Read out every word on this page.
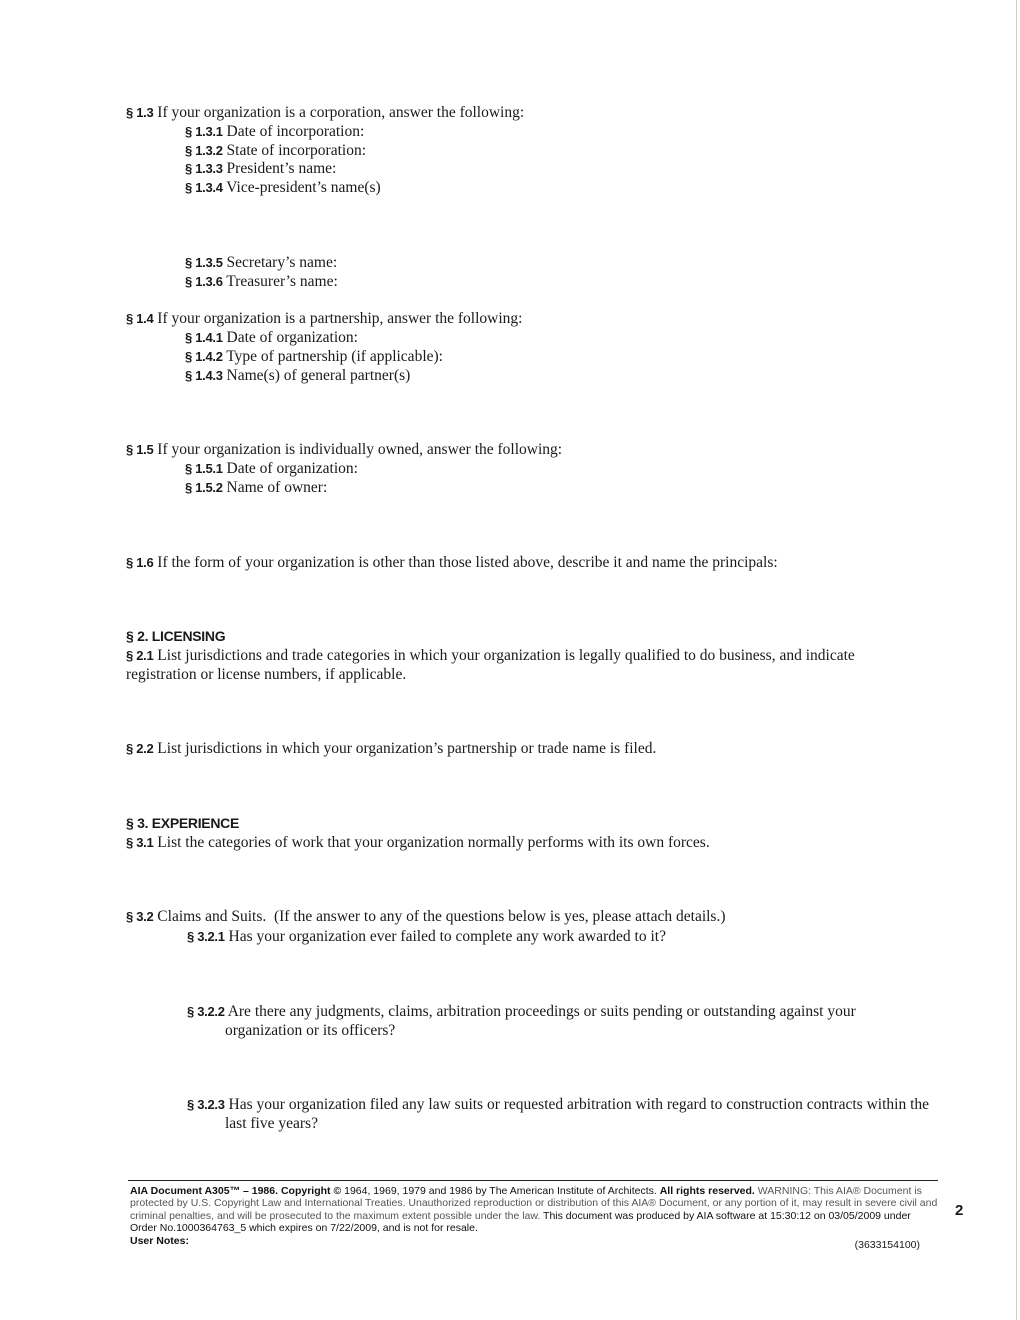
§ 1.3 If your organization is a corporation, answer the following:
§ 1.3.1 Date of incorporation:
§ 1.3.2 State of incorporation:
§ 1.3.3 President’s name:
§ 1.3.4 Vice-president’s name(s)
§ 1.3.5 Secretary’s name:
§ 1.3.6 Treasurer’s name:
§ 1.4 If your organization is a partnership, answer the following:
§ 1.4.1 Date of organization:
§ 1.4.2 Type of partnership (if applicable):
§ 1.4.3 Name(s) of general partner(s)
§ 1.5 If your organization is individually owned, answer the following:
§ 1.5.1 Date of organization:
§ 1.5.2 Name of owner:
§ 1.6 If the form of your organization is other than those listed above, describe it and name the principals:
§ 2. LICENSING
§ 2.1 List jurisdictions and trade categories in which your organization is legally qualified to do business, and indicate registration or license numbers, if applicable.
§ 2.2 List jurisdictions in which your organization’s partnership or trade name is filed.
§ 3. EXPERIENCE
§ 3.1 List the categories of work that your organization normally performs with its own forces.
§ 3.2 Claims and Suits.  (If the answer to any of the questions below is yes, please attach details.)
§ 3.2.1 Has your organization ever failed to complete any work awarded to it?
§ 3.2.2 Are there any judgments, claims, arbitration proceedings or suits pending or outstanding against your organization or its officers?
§ 3.2.3 Has your organization filed any law suits or requested arbitration with regard to construction contracts within the last five years?
AIA Document A305™ – 1986. Copyright © 1964, 1969, 1979 and 1986 by The American Institute of Architects. All rights reserved. WARNING: This AIA® Document is protected by U.S. Copyright Law and International Treaties. Unauthorized reproduction or distribution of this AIA® Document, or any portion of it, may result in severe civil and criminal penalties, and will be prosecuted to the maximum extent possible under the law. This document was produced by AIA software at 15:30:12 on 03/05/2009 under Order No.1000364763_5 which expires on 7/22/2009, and is not for resale.
User Notes:	(3633154100)
2
